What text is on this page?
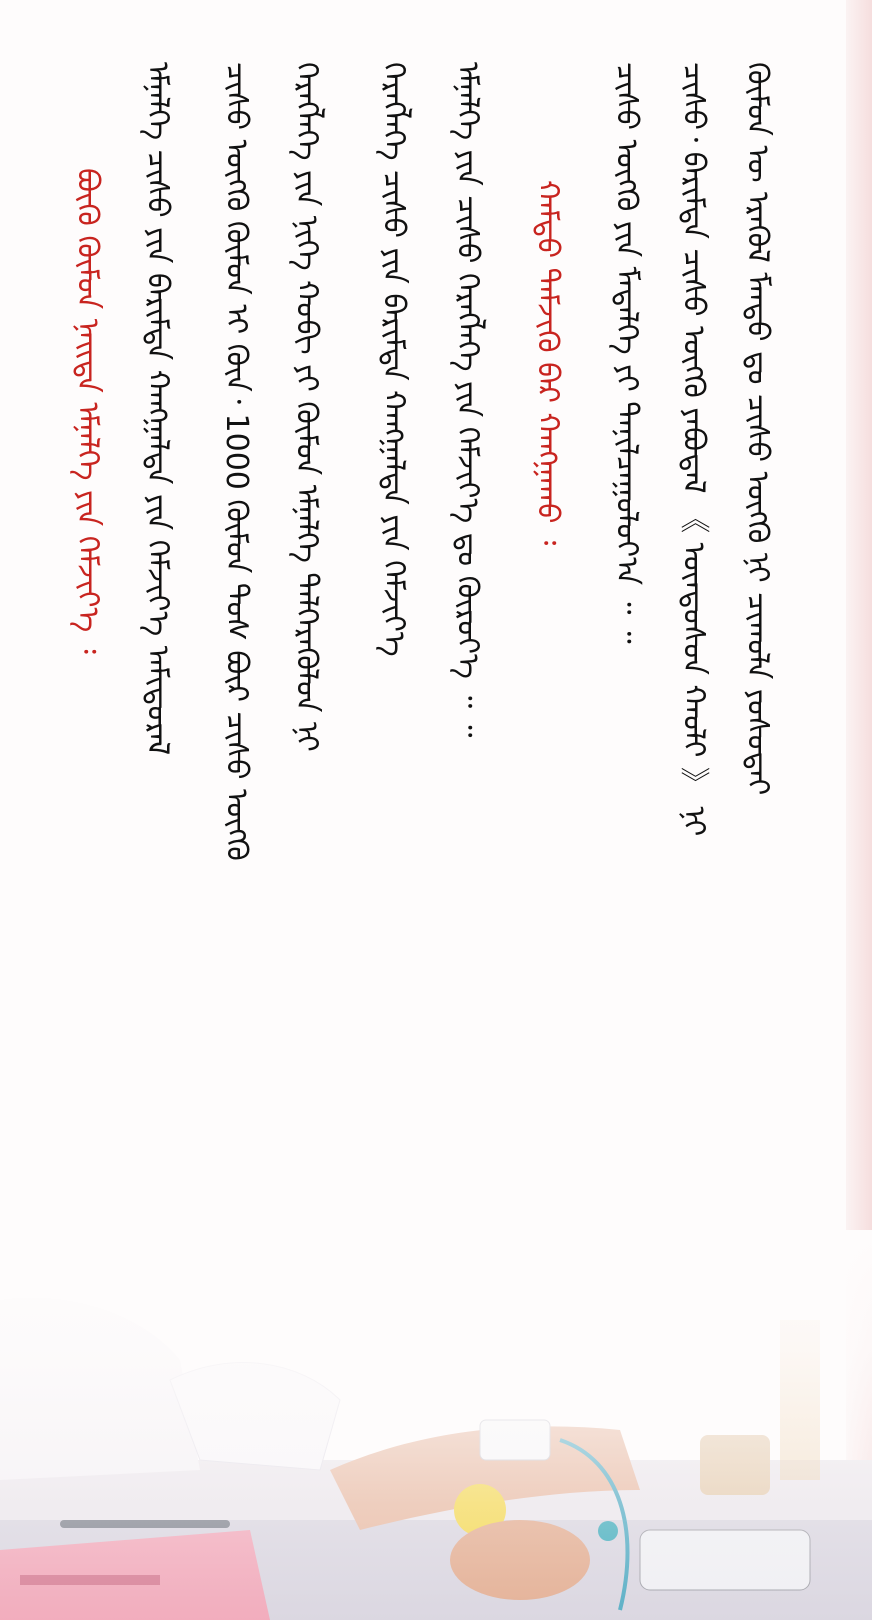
ᠬᠦᠮᠦᠨ ᠦ ᠡᠷᠡᠭᠦᠯ ᠮᠡᠨᠳᠦ ᠳᠤ ᠴᠢᠰᠤ ᠥᠭᠬᠦ ᠨᠢ ᠴᠢᠬᠤᠯᠠ ᠶᠤᠰᠤᠲᠠᠢ
ᠴᠢᠰᠤ᠂ ᠪᠠᠷᠢᠮᠲᠠ ᠴᠢᠰᠤ ᠥᠭᠬᠦ ᠶᠠᠪᠤᠳᠠᠯ 《 ᠦᠨᠳᠦᠰᠦᠨ ᠬᠠᠤᠯᠢ 》 ᠨᠢ
ᠴᠢᠰᠤ ᠥᠭᠬᠦ ᠶᠢᠨ ᠮᠡᠳᠡᠯᠭᠡ ᠶᠢ ᠲᠠᠨᠢᠯᠴᠠᠭᠤᠯᠤᠶ᠎ᠠ ᠃ ᠃
ᠬᠠᠮᠲᠤ ᠳᠡᠮᠵᠢᠬᠦ ᠪᠡᠷ ᠬᠠᠩᠭᠠᠬᠤ ᠄
ᠡᠮᠨᠡᠯᠭᠡ ᠶᠢᠨ ᠴᠢᠰᠤ ᠬᠡᠷᠡᠭᠯᠡᠭᠡ ᠶᠢᠨ ᠬᠡᠮᠵᠢᠶ᠎ᠡ ᠳᠤ ᠬᠦᠷᠦᠶ᠎ᠡ ᠃ ᠃
ᠬᠡᠷᠡᠭᠯᠡᠭᠡ ᠴᠢᠰᠤ ᠶᠢᠨ ᠪᠠᠷᠢᠮᠲᠠ ᠬᠠᠩᠭᠠᠯᠲᠠ ᠶᠢᠨ ᠬᠡᠮᠵᠢᠶ᠎ᠡ
ᠬᠡᠷᠡᠭᠯᠡᠭᠡ ᠶᠢᠨ ᠨᠢᠭᠡ ᠬᠤᠪᠢ ᠶᠢ ᠬᠦᠮᠦᠨ ᠡᠮᠨᠡᠯᠭᠡ ᠳᠡᠯᠭᠡᠷᠡᠭᠦᠯᠦᠨ ᠨᠢ
ᠴᠢᠰᠤ ᠥᠭᠬᠦ ᠬᠦᠮᠦᠨ ᠢ ᠬᠦᠨ᠂ 1000 ᠬᠦᠮᠦᠨ ᠲᠤᠰ ᠪᠦᠷ ᠴᠢᠰᠤ ᠥᠭᠬᠦ
ᠡᠮᠨᠡᠯᠭᠡ ᠴᠢᠰᠤ ᠶᠢᠨ ᠪᠠᠷᠢᠮᠲᠠ ᠬᠠᠩᠭᠠᠯᠲᠠ ᠶᠢᠨ ᠬᠡᠮᠵᠢᠶ᠎ᠡ ᠠᠮᠢᠳᠤᠷᠠᠯ
ᠪᠦᠬᠦ ᠬᠦᠮᠦᠨ ᠨᠡᠢᠳᠡ ᠡᠮᠨᠡᠯᠭᠡ ᠶᠢᠨ ᠬᠡᠮᠵᠢᠶ᠎ᠡ ᠄
